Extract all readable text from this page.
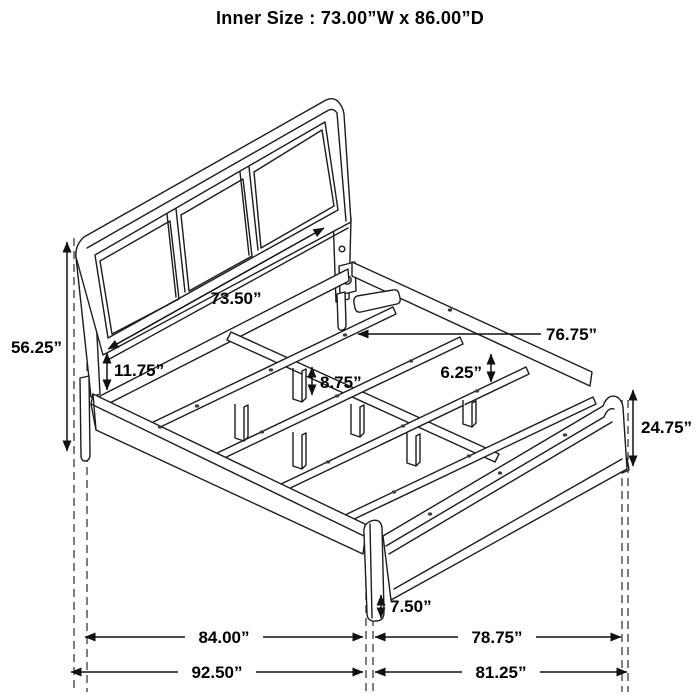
56.25”
11.75”
73.50”
76.75”
8.75”
6.25”
24.75”
7.50”
84.00”	78.75”
92.50”	81.25”
Inner Size : 73.00”W x 86.00”D
